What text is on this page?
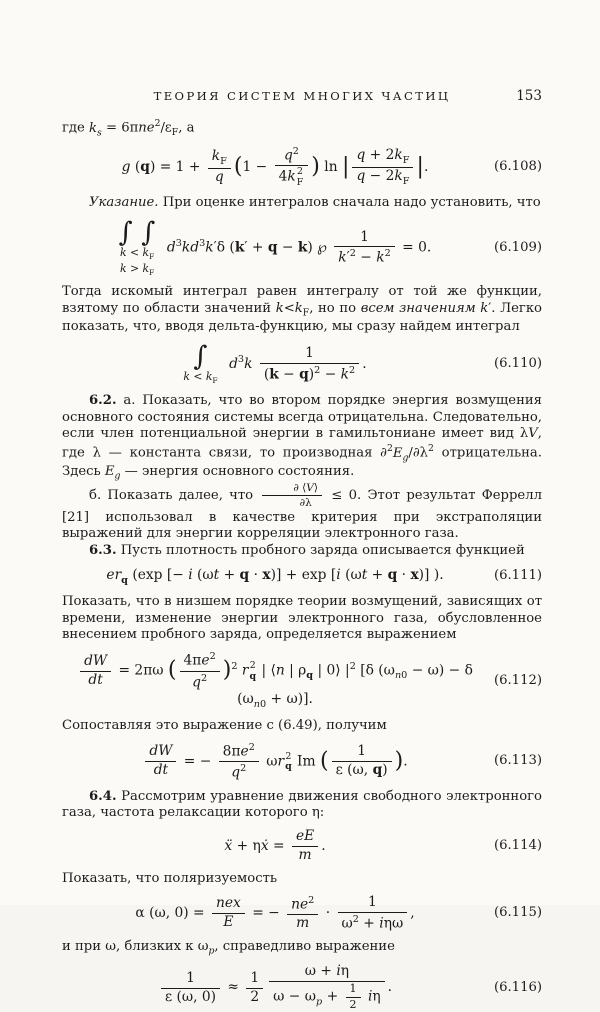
ТЕОРИЯ СИСТЕМ МНОГИХ ЧАСТИЦ	153

где $k_s = 6\pi ne^2/\varepsilon_F$, а

g $(q) = 1 + \frac{k_F}{q} (1 - q^2$
4k 2
F ) ln | $\frac{q + 2k_F}{q - 2k_F}$ |.	(6.108)

Указание. При оценке интегралов сначала надо установить, что

∫ ∫
$k < k_F$
$k > k_F$
$d^3kd^3k'\delta$ (k′ + q − k) ℘ $\frac{1}{k'^2 - k^2} = 0$.	(6.109)

Тогда искомый интеграл равен интегралу от той же функции, взятому по области значений $k<k_F$, но по всем значениям k′. Легко показать, что, вводя дельта-функцию, мы сразу найдем интеграл

∫
$k < k_F$
$d^3k \frac{1}{(k - q)^2 - k^2}$ .	(6.110)

6.2. а. Показать, что во втором порядке энергия возмущения основного состояния системы всегда отрицательна. Следовательно, если член потенциальной энергии в гамильтониане имеет вид λV, где λ — константа связи, то производная $\partial^2E_g/\partial\lambda^2$ отрицательна. Здесь $E_g$ — энергия основного состояния.

б. Показать далее, что $\frac{\partial ⟨V⟩}{\partial\lambda} \le 0$. Этот результат Феррелл [21] использовал в качестве критерия при экстраполяции выражений для энергии корреляции электронного газа.

6.3. Пусть плотность пробного заряда описывается функцией

$er_q$ (exp [− i (ωt + q · x)] + exp [i (ωt + q · x)] ).	(6.111)

Показать, что в низшем порядке теории возмущений, зависящих от времени, изменение энергии электронного газа, обусловленное внесением пробного заряда, определяется выражением

$\frac{dW}{dt} = 2\pi\omega$ ( $\frac{4\pi e^2}{q^2} )^2$ r 2
q | ⟨n | $\rho_q$ | 0⟩ $|^2$ [δ $(\omega_{n0} - \omega) - \delta$ $(\omega_{n0} + \omega)$].
(6.112)

Сопоставляя это выражение с (6.49), получим

$\frac{dW}{dt}$ = − $\frac{8\pi e^2}{q^2}$ ωr 2
q Im ( $\frac{1}{\varepsilon (\omega, q)}$ ).	(6.113)

6.4. Рассмотрим уравнение движения свободного электронного газа, частота релаксации которого η:

ẍ + ηẋ = $\frac{eE}{m}$ .	(6.114)

Показать, что поляризуемость

α (ω, $0) = \frac{\text{nex}}{E}$ = − $\frac{ne^2}{m} \cdot \frac{1}{\omega^2 + i\eta\omega}$ ,	(6.115)

и при ω, близких к $\omega_p$, справедливо выражение

$\frac{1}{\varepsilon (\omega, 0)} \approx \frac{1}{2} \frac{\omega + i\eta}{\omega - \omega_p + \frac{1}{2} i\eta}$ .	(6.116)
